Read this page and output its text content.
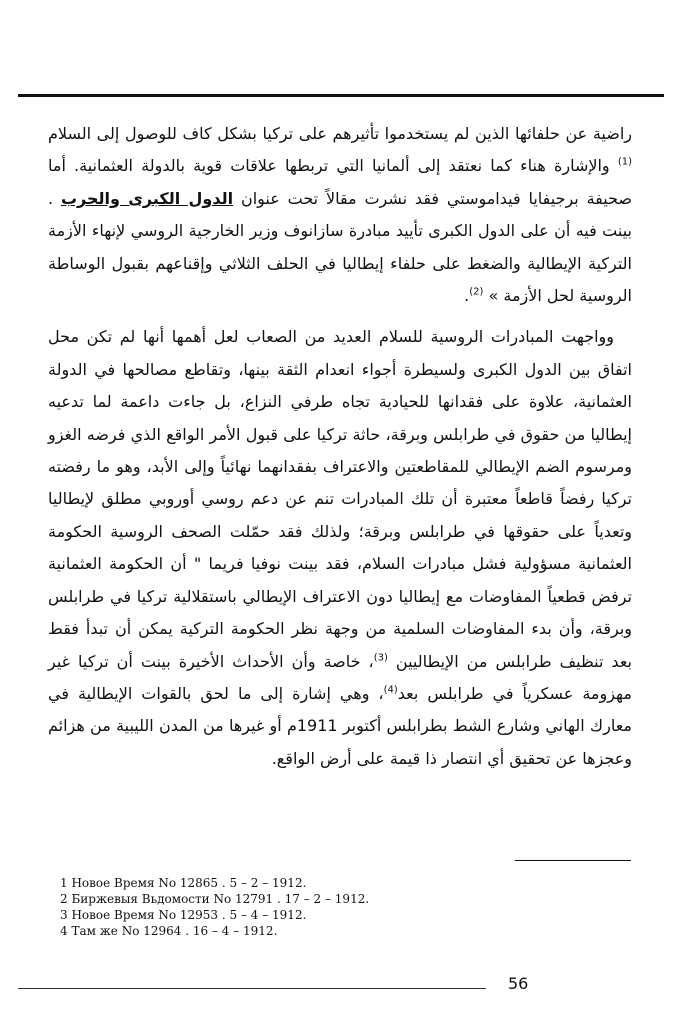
راضية عن حلفائها الذين لم يستخدموا تأثيرهم على تركيا بشكل كاف للوصول إلى السلام $^{(1)}$ والإشارة هناء كما نعتقد إلى ألمانيا التي تربطها علاقات قوية بالدولة العثمانية. أما صحيفة برجيفايا فيداموستي فقد نشرت مقالاً تحت عنوان الدول الكبرى والحرب . بينت فيه أن على الدول الكبرى تأييد مبادرة سازانوف وزير الخارجية الروسي لإنهاء الأزمة التركية الإيطالية والضغط على حلفاء إيطاليا في الحلف الثلاثي وإقناعهم بقبول الوساطة الروسية لحل الأزمة » $^{(2)}$.

وواجهت المبادرات الروسية للسلام العديد من الصعاب لعل أهمها أنها لم تكن محل اتفاق بين الدول الكبرى ولسيطرة أجواء انعدام الثقة بينها، وتقاطع مصالحها في الدولة العثمانية، علاوة على فقدانها للحيادية تجاه طرفي النزاع، بل جاءت داعمة لما تدعيه إيطاليا من حقوق في طرابلس وبرقة، حاثة تركيا على قبول الأمر الواقع الذي فرضه الغزو ومرسوم الضم الإيطالي للمقاطعتين والاعتراف بفقدانهما نهائياً وإلى الأبد، وهو ما رفضته تركيا رفضاً قاطعاً معتبرة أن تلك المبادرات تنم عن دعم روسي أوروبي مطلق لإيطاليا وتعدياً على حقوقها في طرابلس وبرقة؛ ولذلك فقد حمّلت الصحف الروسية الحكومة العثمانية مسؤولية فشل مبادرات السلام، فقد بينت نوفيا فريما " أن الحكومة العثمانية ترفض قطعياً المفاوضات مع إيطاليا دون الاعتراف الإيطالي باستقلالية تركيا في طرابلس وبرقة، وأن بدء المفاوضات السلمية من وجهة نظر الحكومة التركية يمكن أن تبدأ فقط بعد تنظيف طرابلس من الإيطاليين $^{(3)}$، خاصة وأن الأحداث الأخيرة بينت أن تركيا غير مهزومة عسكرياً في طرابلس بعد$^{(4)}$، وهي إشارة إلى ما لحق بالقوات الإيطالية في معارك الهاني وشارع الشط بطرابلس أكتوبر 1911م أو غيرها من المدن الليبية من هزائم وعجزها عن تحقيق أي انتصار ذا قيمة على أرض الواقع.

1 Новое Время No 12865 . 5 – 2 – 1912.
2 Биржевыя Вьдомости No 12791 . 17 – 2 – 1912.
3 Новое Время No 12953 . 5 – 4 – 1912.
4 Там же No 12964 . 16 – 4 – 1912.
56
